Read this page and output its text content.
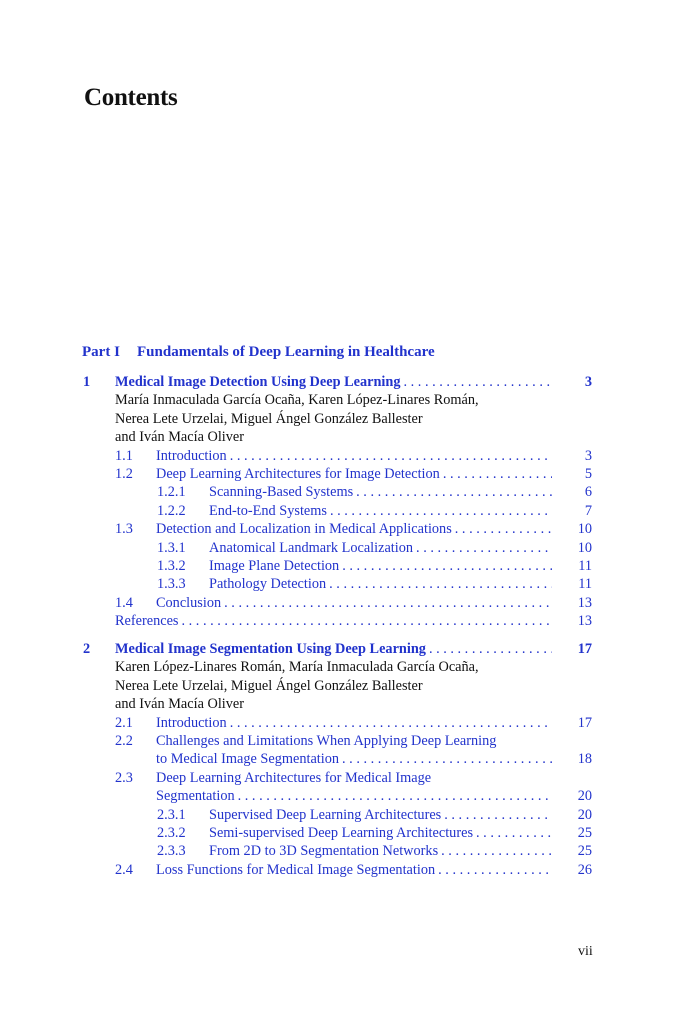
Contents
Part I Fundamentals of Deep Learning in Healthcare
1 Medical Image Detection Using Deep Learning . . .	3
María Inmaculada García Ocaña, Karen López-Linares Román,
Nerea Lete Urzelai, Miguel Ángel González Ballester
and Iván Macía Oliver
1.1 Introduction . . .	3
1.2 Deep Learning Architectures for Image Detection . . .	5
1.2.1 Scanning-Based Systems . . .	6
1.2.2 End-to-End Systems . . .	7
1.3 Detection and Localization in Medical Applications . . .	10
1.3.1 Anatomical Landmark Localization . . .	10
1.3.2 Image Plane Detection . . .	11
1.3.3 Pathology Detection . . .	11
1.4 Conclusion . . .	13
References . . .	13
2 Medical Image Segmentation Using Deep Learning . . .	17
Karen López-Linares Román, María Inmaculada García Ocaña,
Nerea Lete Urzelai, Miguel Ángel González Ballester
and Iván Macía Oliver
2.1 Introduction . . .	17
2.2 Challenges and Limitations When Applying Deep Learning
to Medical Image Segmentation . . .	18
2.3 Deep Learning Architectures for Medical Image
Segmentation . . .	20
2.3.1 Supervised Deep Learning Architectures . . .	20
2.3.2 Semi-supervised Deep Learning Architectures . . .	25
2.3.3 From 2D to 3D Segmentation Networks . . .	25
2.4 Loss Functions for Medical Image Segmentation . . .	26
vii
